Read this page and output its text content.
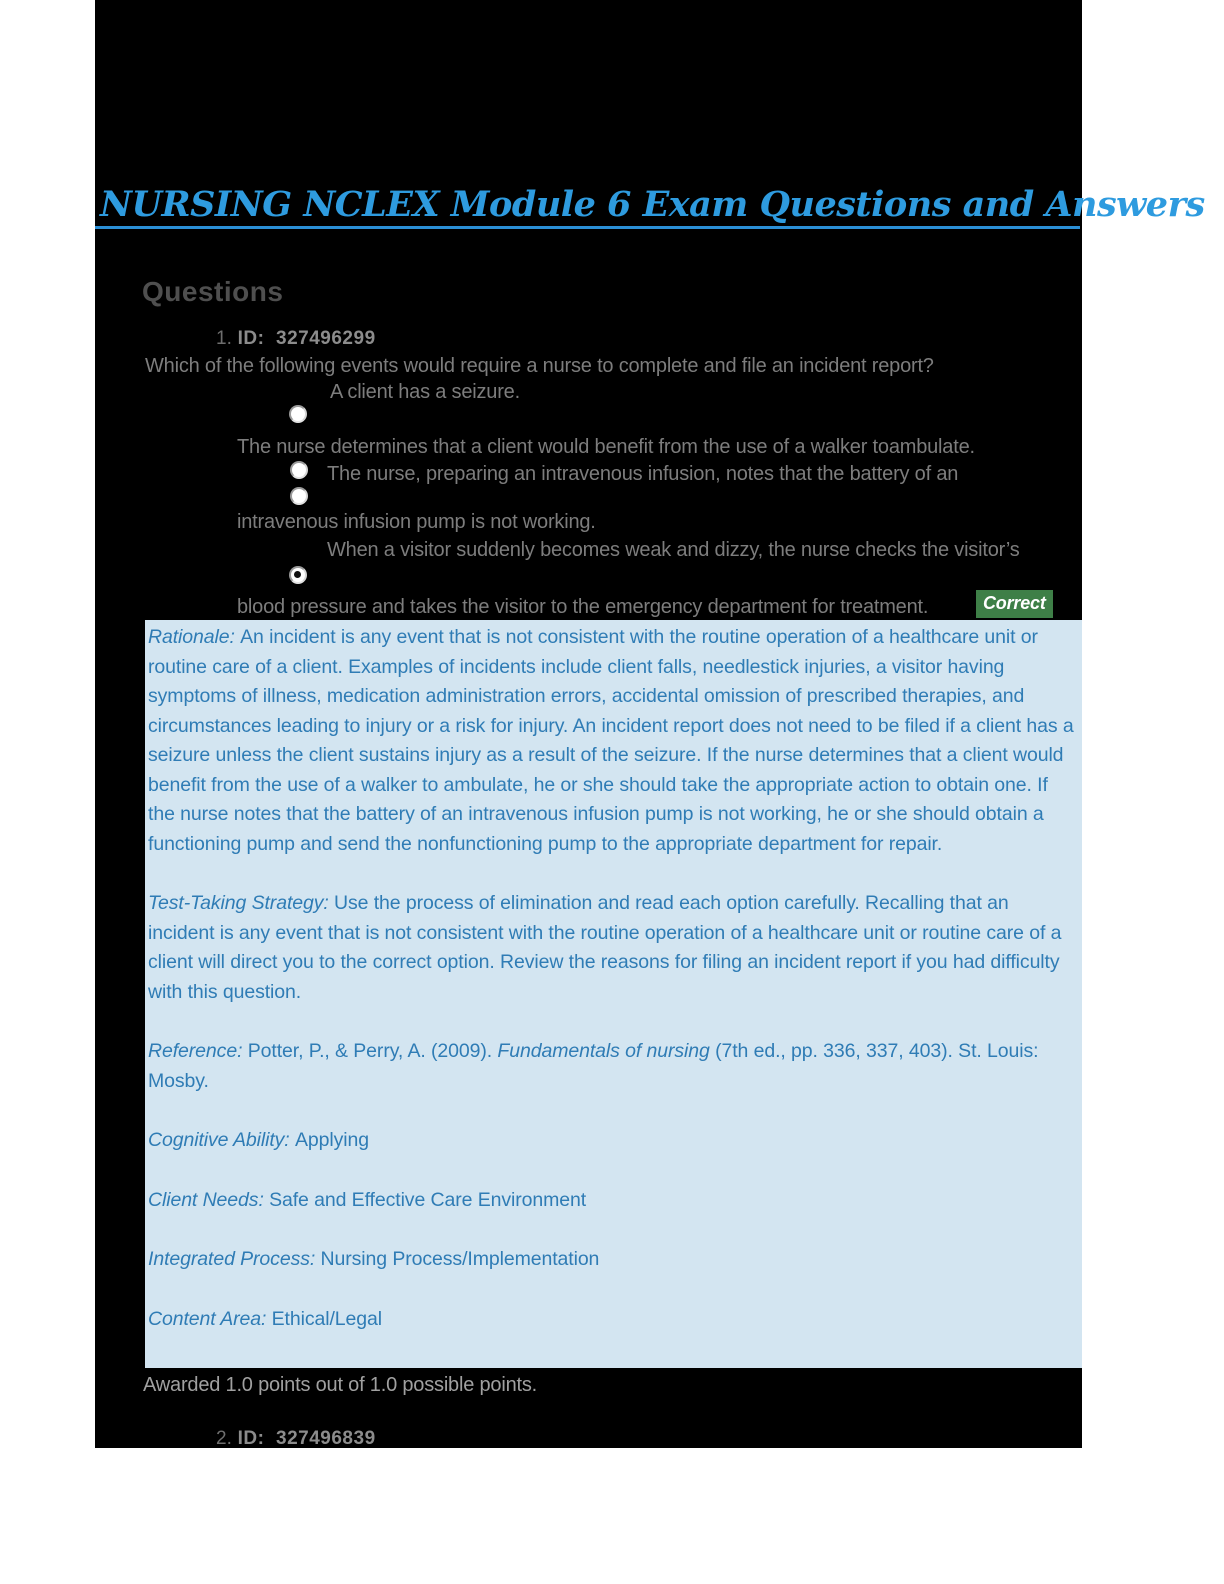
NURSING NCLEX Module 6 Exam Questions and Answers
Questions
1. ID: 327496299
Which of the following events would require a nurse to complete and file an incident report?
A client has a seizure.
The nurse determines that a client would benefit from the use of a walker toambulate.
The nurse, preparing an intravenous infusion, notes that the battery of an
intravenous infusion pump is not working.
When a visitor suddenly becomes weak and dizzy, the nurse checks the visitor’s
blood pressure and takes the visitor to the emergency department for treatment.	Correct

Rationale: An incident is any event that is not consistent with the routine operation of a healthcare unit or routine care of a client. Examples of incidents include client falls, needlestick injuries, a visitor having symptoms of illness, medication administration errors, accidental omission of prescribed therapies, and circumstances leading to injury or a risk for injury. An incident report does not need to be filed if a client has a seizure unless the client sustains injury as a result of the seizure. If the nurse determines that a client would benefit from the use of a walker to ambulate, he or she should take the appropriate action to obtain one. If the nurse notes that the battery of an intravenous infusion pump is not working, he or she should obtain a functioning pump and send the nonfunctioning pump to the appropriate department for repair.

Test-Taking Strategy: Use the process of elimination and read each option carefully. Recalling that an incident is any event that is not consistent with the routine operation of a healthcare unit or routine care of a client will direct you to the correct option. Review the reasons for filing an incident report if you had difficulty with this question.

Reference: Potter, P., & Perry, A. (2009). Fundamentals of nursing (7th ed., pp. 336, 337, 403). St. Louis: Mosby.

Cognitive Ability: Applying

Client Needs: Safe and Effective Care Environment

Integrated Process: Nursing Process/Implementation

Content Area: Ethical/Legal

Awarded 1.0 points out of 1.0 possible points.
2. ID: 327496839
